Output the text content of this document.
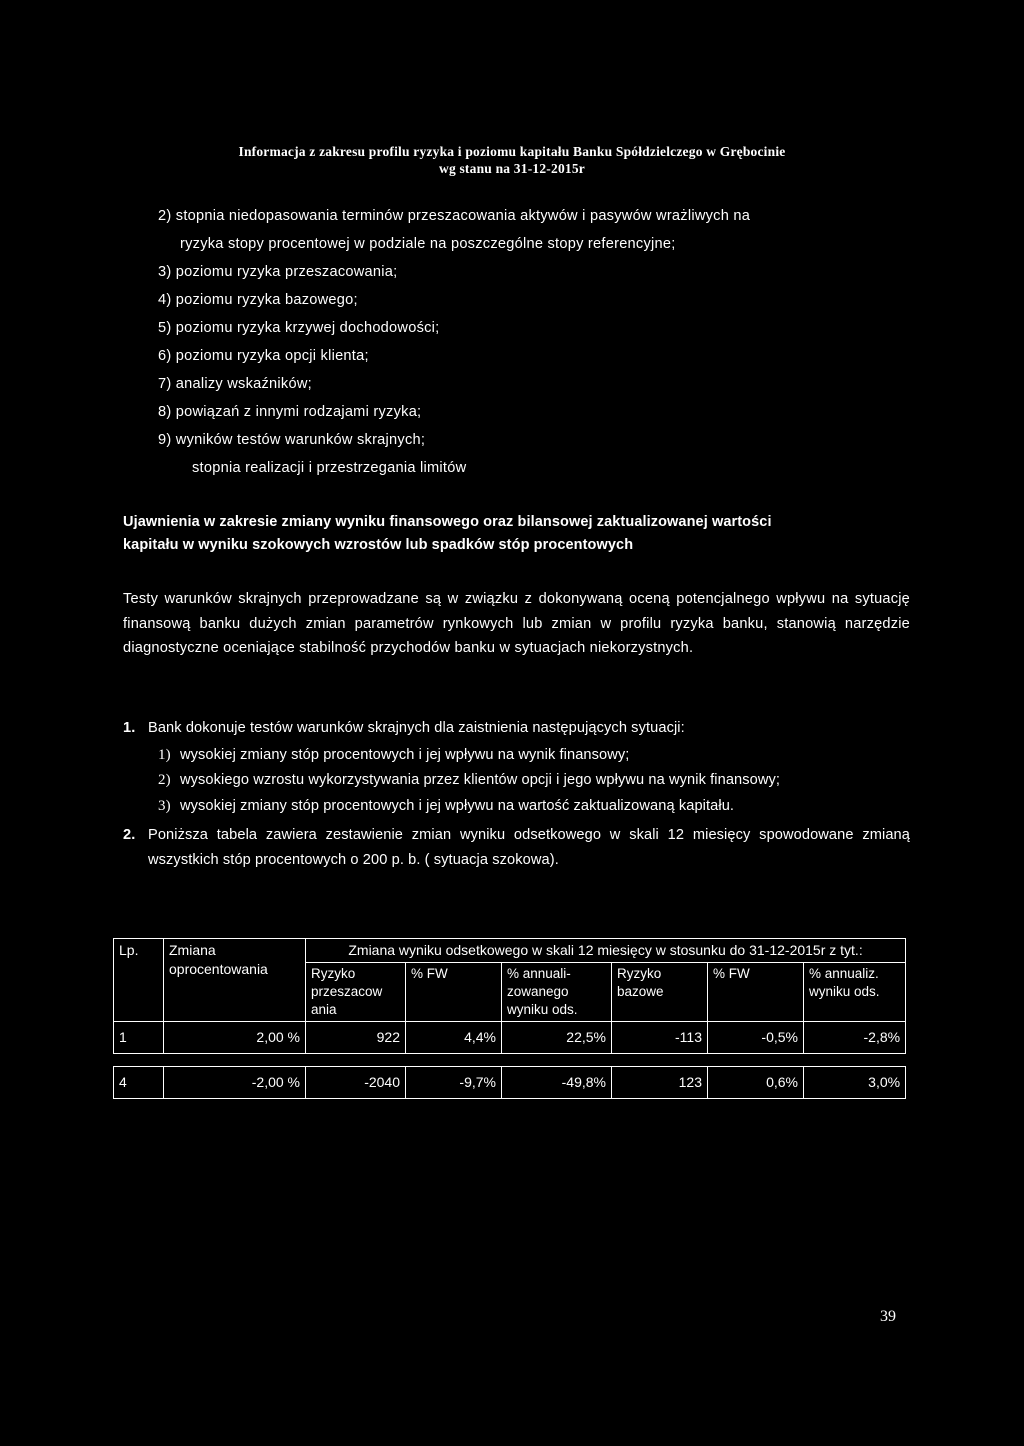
Informacja z zakresu profilu ryzyka i poziomu kapitału Banku Spółdzielczego w Grębocinie
wg stanu na 31-12-2015r
2) stopnia niedopasowania terminów przeszacowania aktywów i pasywów wrażliwych na
ryzyka stopy procentowej w podziale na poszczególne stopy referencyjne;
3) poziomu ryzyka przeszacowania;
4) poziomu ryzyka bazowego;
5) poziomu ryzyka krzywej dochodowości;
6) poziomu ryzyka opcji klienta;
7) analizy wskaźników;
8) powiązań z innymi rodzajami ryzyka;
9) wyników testów warunków skrajnych;
stopnia realizacji i przestrzegania limitów
Ujawnienia w zakresie zmiany wyniku finansowego oraz bilansowej zaktualizowanej wartości
kapitału w wyniku szokowych wzrostów lub spadków stóp procentowych
Testy warunków skrajnych przeprowadzane są w związku z dokonywaną oceną potencjalnego wpływu na sytuację finansową banku dużych zmian parametrów rynkowych lub zmian w profilu ryzyka banku, stanowią narzędzie diagnostyczne oceniające stabilność przychodów banku w sytuacjach niekorzystnych.
1. Bank dokonuje testów warunków skrajnych dla zaistnienia następujących sytuacji:
1) wysokiej zmiany stóp procentowych i jej wpływu na wynik finansowy;
2) wysokiego wzrostu wykorzystywania przez klientów opcji i jego wpływu na wynik finansowy;
3) wysokiej zmiany stóp procentowych i jej wpływu na wartość zaktualizowaną kapitału.
2. Poniższa tabela zawiera zestawienie zmian wyniku odsetkowego w skali 12 miesięcy spowodowane zmianą wszystkich stóp procentowych o 200 p. b. ( sytuacja szokowa).
Lp.	Zmiana oprocentowania	Zmiana wyniku odsetkowego w skali 12 miesięcy w stosunku do 31-12-2015r z tyt.:					
		Ryzyko przeszacow ania	% FW	% annuali-zowanego wyniku ods.	Ryzyko bazowe	% FW	% annualiz. wyniku ods.
1	2,00 %	922	4,4%	22,5%	-113	-0,5%	-2,8%

4	-2,00 %	-2040	-9,7%	-49,8%	123	0,6%	3,0%
39
